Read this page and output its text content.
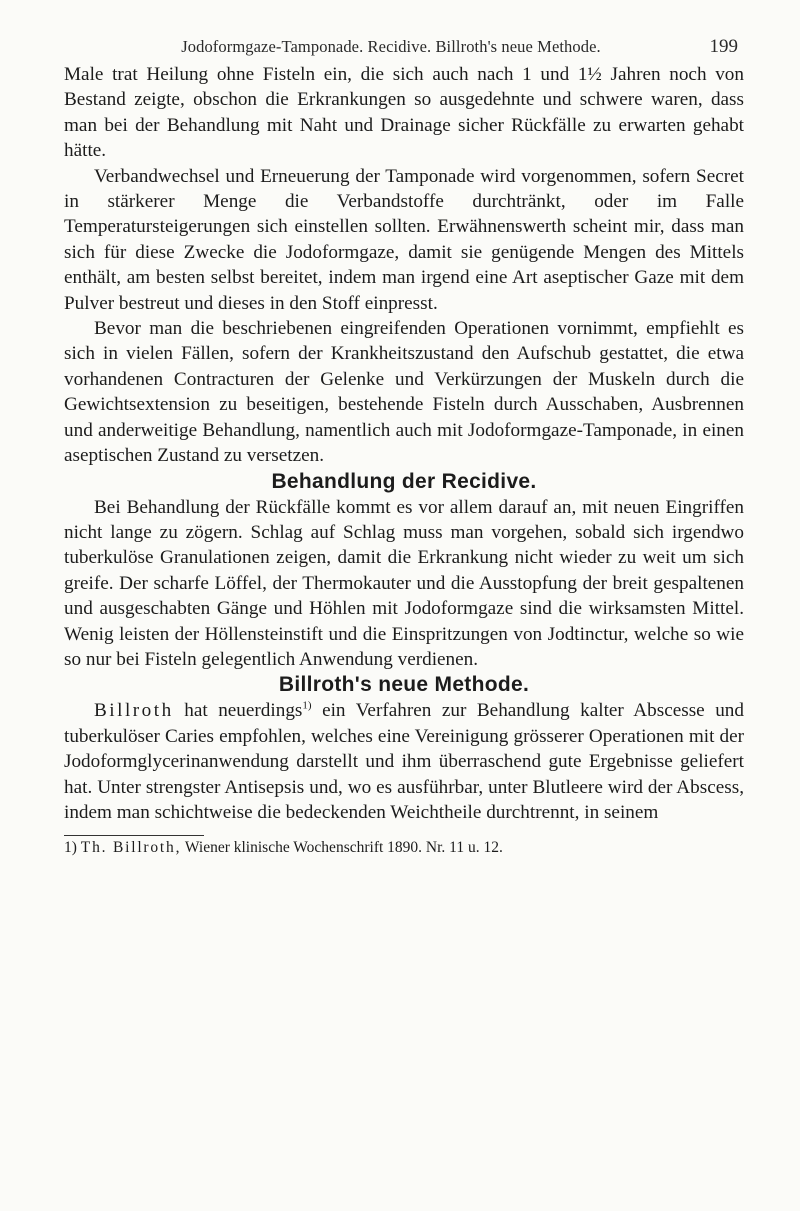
Jodoformgaze-Tamponade. Recidive. Billroth's neue Methode.	199

Male trat Heilung ohne Fisteln ein, die sich auch nach 1 und 1½ Jahren noch von Bestand zeigte, obschon die Erkrankungen so ausgedehnte und schwere waren, dass man bei der Behandlung mit Naht und Drainage sicher Rückfälle zu erwarten gehabt hätte.

Verbandwechsel und Erneuerung der Tamponade wird vorgenommen, sofern Secret in stärkerer Menge die Verbandstoffe durchtränkt, oder im Falle Temperatursteigerungen sich einstellen sollten. Erwähnenswerth scheint mir, dass man sich für diese Zwecke die Jodoformgaze, damit sie genügende Mengen des Mittels enthält, am besten selbst bereitet, indem man irgend eine Art aseptischer Gaze mit dem Pulver bestreut und dieses in den Stoff einpresst.

Bevor man die beschriebenen eingreifenden Operationen vornimmt, empfiehlt es sich in vielen Fällen, sofern der Krankheitszustand den Aufschub gestattet, die etwa vorhandenen Contracturen der Gelenke und Verkürzungen der Muskeln durch die Gewichtsextension zu beseitigen, bestehende Fisteln durch Ausschaben, Ausbrennen und anderweitige Behandlung, namentlich auch mit Jodoformgaze-Tamponade, in einen aseptischen Zustand zu versetzen.

Behandlung der Recidive.

Bei Behandlung der Rückfälle kommt es vor allem darauf an, mit neuen Eingriffen nicht lange zu zögern. Schlag auf Schlag muss man vorgehen, sobald sich irgendwo tuberkulöse Granulationen zeigen, damit die Erkrankung nicht wieder zu weit um sich greife. Der scharfe Löffel, der Thermokauter und die Ausstopfung der breit gespaltenen und ausgeschabten Gänge und Höhlen mit Jodoformgaze sind die wirksamsten Mittel. Wenig leisten der Höllensteinstift und die Einspritzungen von Jodtinctur, welche so wie so nur bei Fisteln gelegentlich Anwendung verdienen.

Billroth's neue Methode.

Billroth hat neuerdings$^{1)}$ ein Verfahren zur Behandlung kalter Abscesse und tuberkulöser Caries empfohlen, welches eine Vereinigung grösserer Operationen mit der Jodoformglycerinanwendung darstellt und ihm überraschend gute Ergebnisse geliefert hat. Unter strengster Antisepsis und, wo es ausführbar, unter Blutleere wird der Abscess, indem man schichtweise die bedeckenden Weichtheile durchtrennt, in seinem

1) Th. Billroth, Wiener klinische Wochenschrift 1890. Nr. 11 u. 12.
